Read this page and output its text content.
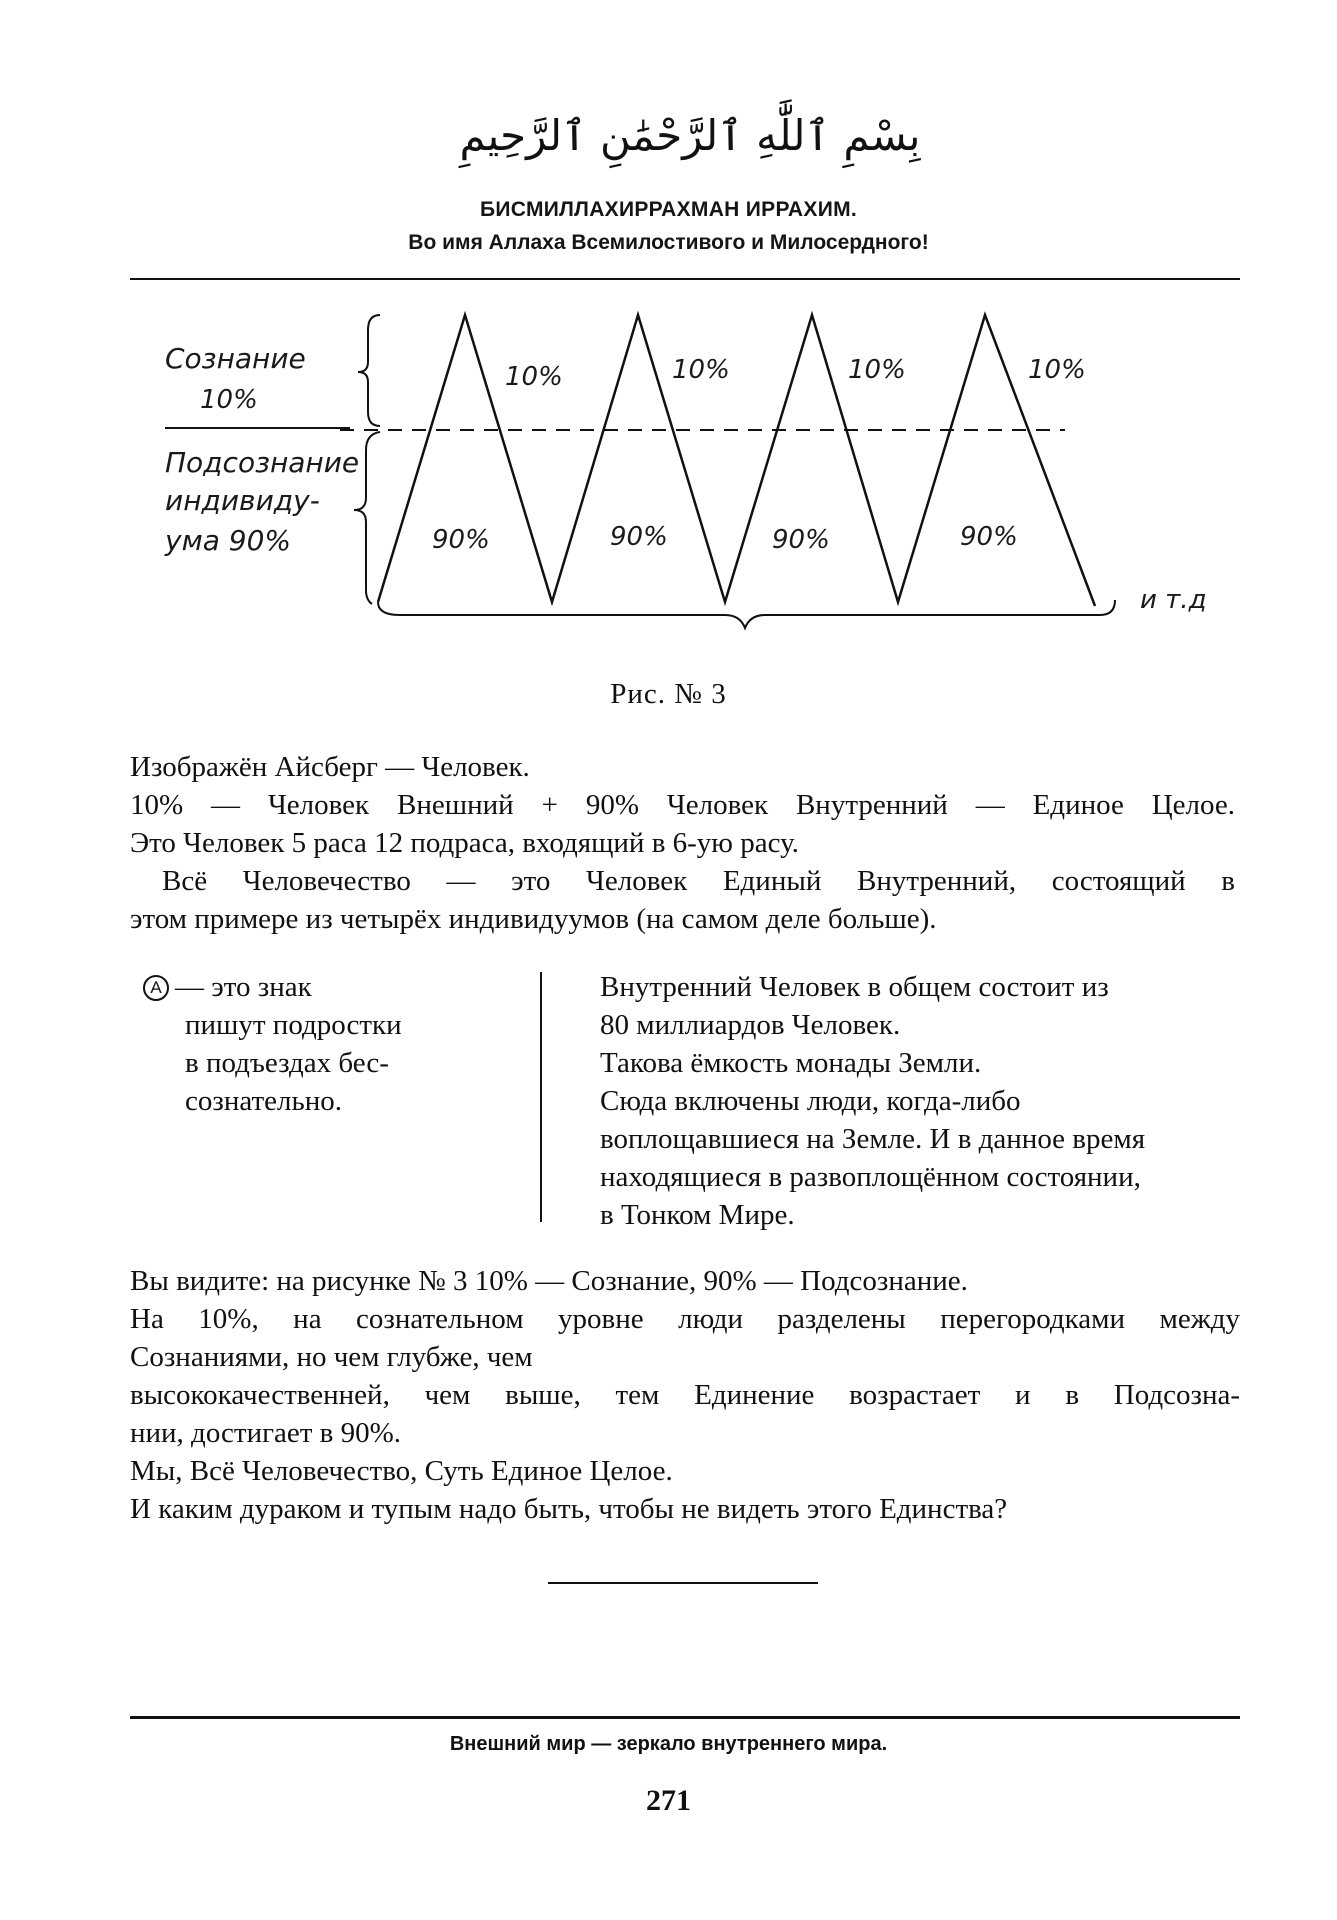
بِسْمِ ٱللَّٰهِ ٱلرَّحْمَٰنِ ٱلرَّحِيمِ
БИСМИЛЛАХИРРАХМАН ИРРАХИМ.
Во имя Аллаха Всемилостивого и Милосердного!
Сознание
10%
Подсознание
индивиду-
ума 90%
10%	10%	10%	10%
90%	90%	90%	90%
и т.д
Рис. № 3
Изображён Айсберг — Человек.
10% — Человек Внешний + 90% Человек Внутренний — Единое Целое.
Это Человек 5 раса 12 подраса, входящий в 6-ую расу.
Всё Человечество — это Человек Единый Внутренний, состоящий в
этом примере из четырёх индивидуумов (на самом деле больше).
A — это знак
пишут подростки
в подъездах бес-
сознательно.
Внутренний Человек в общем состоит из
80 миллиардов Человек.
Такова ёмкость монады Земли.
Сюда включены люди, когда-либо
воплощавшиеся на Земле. И в данное время
находящиеся в развоплощённом состоянии,
в Тонком Мире.
Вы видите: на рисунке № 3 10% — Сознание, 90% — Подсознание.
На 10%, на сознательном уровне люди разделены перегородками между
Сознаниями, но чем глубже, чем
высококачественней, чем выше, тем Единение возрастает и в Подсозна-
нии, достигает в 90%.
Мы, Всё Человечество, Суть Единое Целое.
И каким дураком и тупым надо быть, чтобы не видеть этого Единства?
Внешний мир — зеркало внутреннего мира.
271
